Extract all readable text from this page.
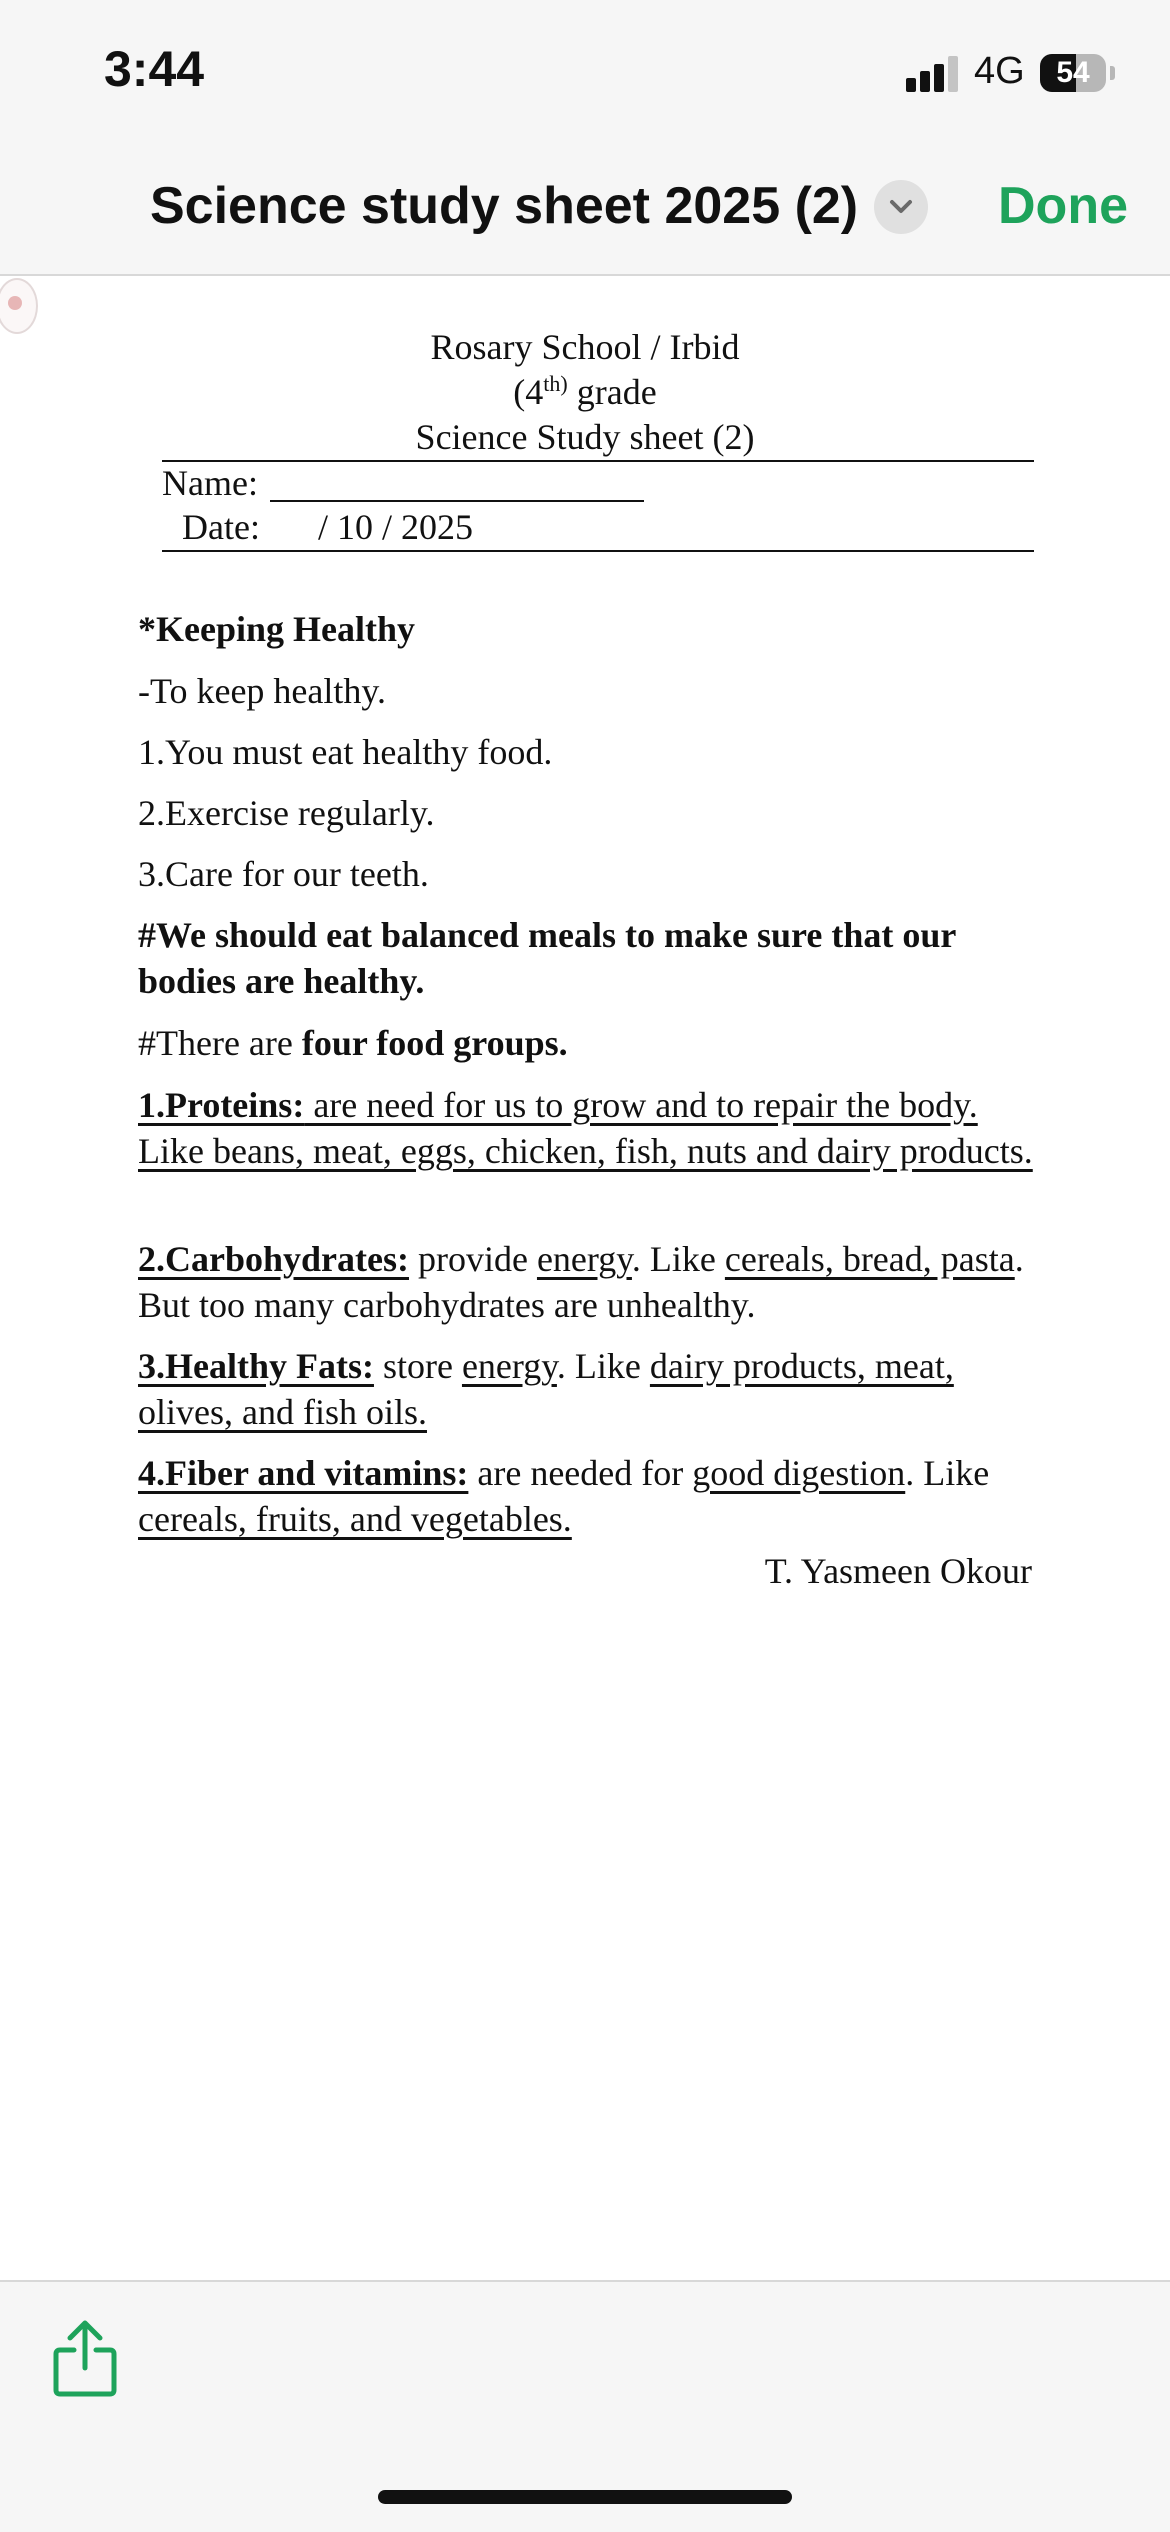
3:44	4G	54
Science study sheet 2025 (2)	Done
Rosary School / Irbid
($4^{th)}$ grade
Science Study sheet (2)
Name:
Date: / 10 / 2025
*Keeping Healthy
-To keep healthy.
1.You must eat healthy food.
2.Exercise regularly.
3.Care for our teeth.
#We should eat balanced meals to make sure that our bodies are healthy.
#There are four food groups.
1.Proteins: are need for us to grow and to repair the body. Like beans, meat, eggs, chicken, fish, nuts and dairy products.
2.Carbohydrates: provide energy. Like cereals, bread, pasta. But too many carbohydrates are unhealthy.
3.Healthy Fats: store energy. Like dairy products, meat, olives, and fish oils.
4.Fiber and vitamins: are needed for good digestion. Like cereals, fruits, and vegetables.
T. Yasmeen Okour
